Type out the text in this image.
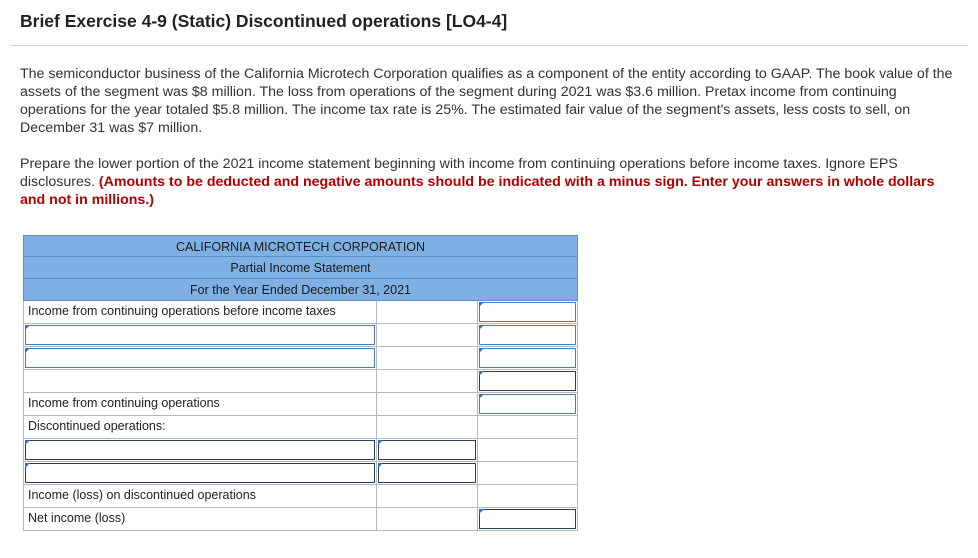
Brief Exercise 4-9 (Static) Discontinued operations [LO4-4]
The semiconductor business of the California Microtech Corporation qualifies as a component of the entity according to GAAP. The book value of the assets of the segment was $8 million. The loss from operations of the segment during 2021 was $3.6 million. Pretax income from continuing operations for the year totaled $5.8 million. The income tax rate is 25%. The estimated fair value of the segment's assets, less costs to sell, on December 31 was $7 million.
Prepare the lower portion of the 2021 income statement beginning with income from continuing operations before income taxes. Ignore EPS disclosures. (Amounts to be deducted and negative amounts should be indicated with a minus sign. Enter your answers in whole dollars and not in millions.)
CALIFORNIA MICROTECH CORPORATION
Partial Income Statement
For the Year Ended December 31, 2021
Income from continuing operations before income taxes
Income from continuing operations
Discontinued operations:
Income (loss) on discontinued operations
Net income (loss)
